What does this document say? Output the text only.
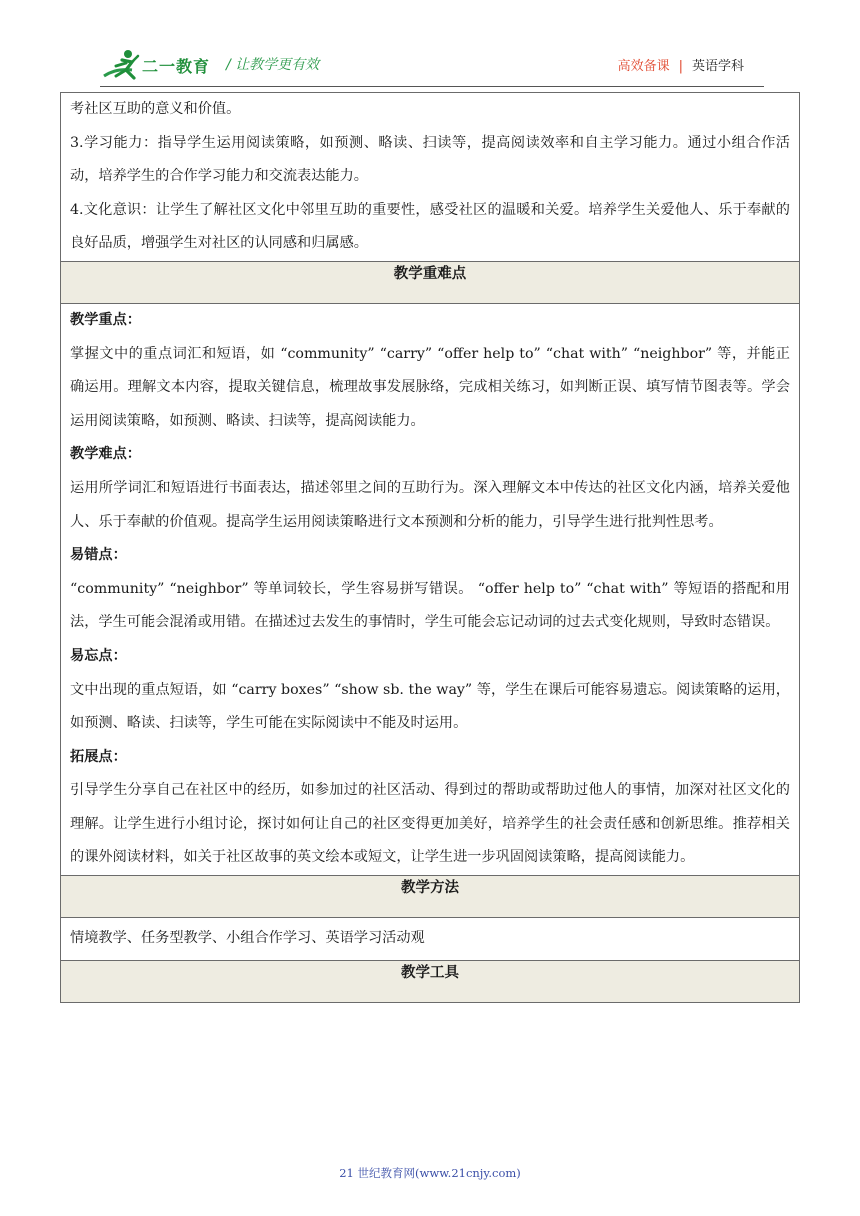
二一教育 / 让教学更有效	高效备课 | 英语学科

考社区互助的意义和价值。

3.学习能力：指导学生运用阅读策略，如预测、略读、扫读等，提高阅读效率和自主学习能力。通过小组合作活动，培养学生的合作学习能力和交流表达能力。

4.文化意识：让学生了解社区文化中邻里互助的重要性，感受社区的温暖和关爱。培养学生关爱他人、乐于奉献的良好品质，增强学生对社区的认同感和归属感。

教学重难点

教学重点：

掌握文中的重点词汇和短语，如 “community” “carry” “offer help to” “chat with” “neighbor” 等，并能正确运用。理解文本内容，提取关键信息，梳理故事发展脉络，完成相关练习，如判断正误、填写情节图表等。学会运用阅读策略，如预测、略读、扫读等，提高阅读能力。

教学难点：

运用所学词汇和短语进行书面表达，描述邻里之间的互助行为。深入理解文本中传达的社区文化内涵，培养关爱他人、乐于奉献的价值观。提高学生运用阅读策略进行文本预测和分析的能力，引导学生进行批判性思考。

易错点：

“community” “neighbor” 等单词较长，学生容易拼写错误。 “offer help to” “chat with” 等短语的搭配和用法，学生可能会混淆或用错。在描述过去发生的事情时，学生可能会忘记动词的过去式变化规则，导致时态错误。

易忘点：

文中出现的重点短语，如 “carry boxes” “show sb. the way” 等，学生在课后可能容易遗忘。阅读策略的运用，如预测、略读、扫读等，学生可能在实际阅读中不能及时运用。

拓展点：

引导学生分享自己在社区中的经历，如参加过的社区活动、得到过的帮助或帮助过他人的事情，加深对社区文化的理解。让学生进行小组讨论，探讨如何让自己的社区变得更加美好，培养学生的社会责任感和创新思维。推荐相关的课外阅读材料，如关于社区故事的英文绘本或短文，让学生进一步巩固阅读策略，提高阅读能力。

教学方法
情境教学、任务型教学、小组合作学习、英语学习活动观
教学工具
21 世纪教育网(www.21cnjy.com)
